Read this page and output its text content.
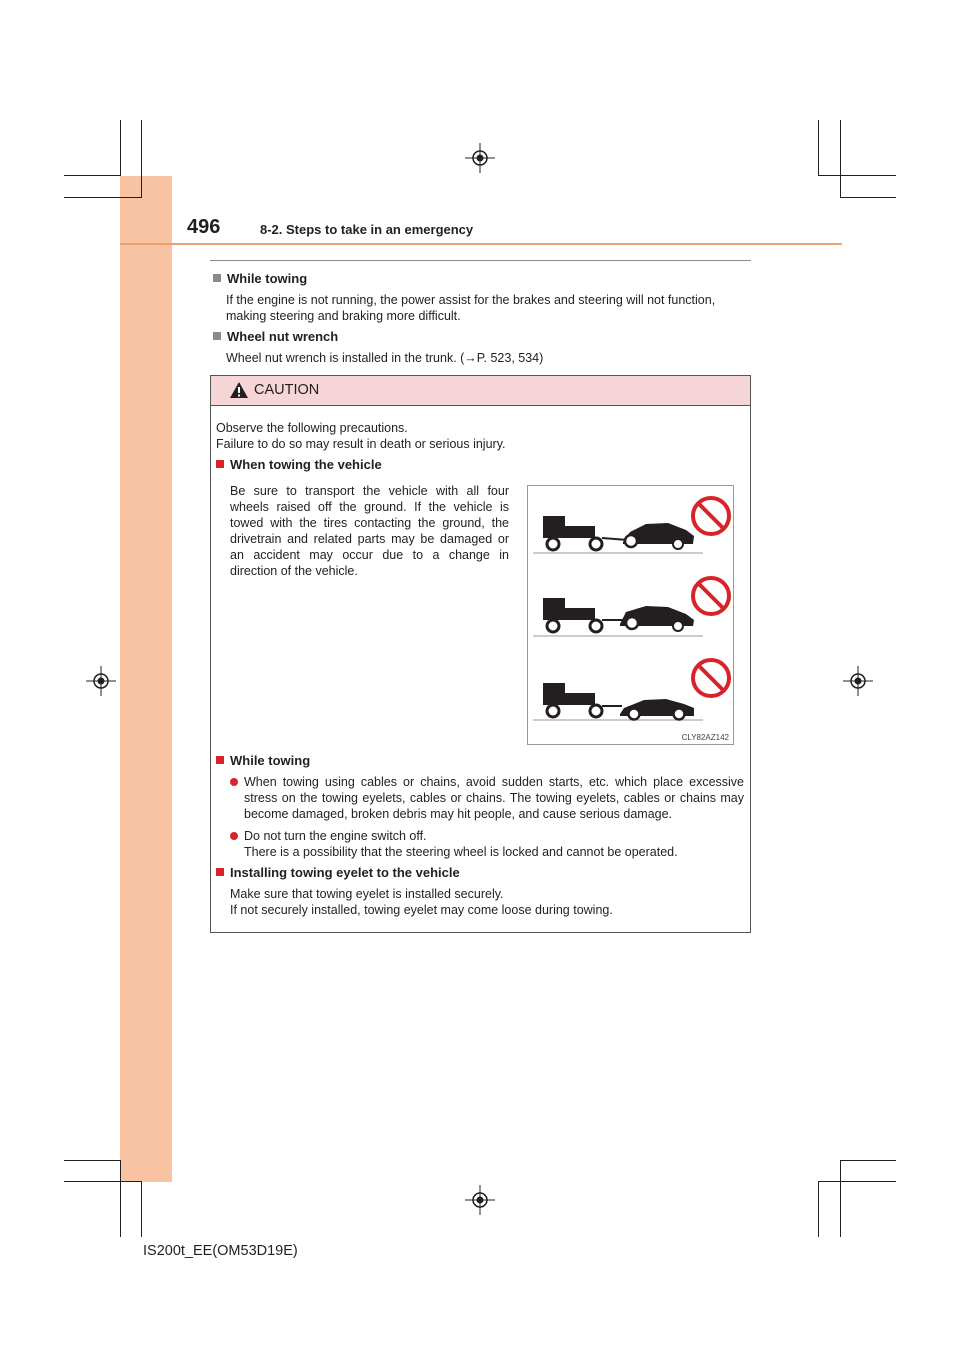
496	8-2. Steps to take in an emergency
While towing
If the engine is not running, the power assist for the brakes and steering will not function, making steering and braking more difficult.
Wheel nut wrench
Wheel nut wrench is installed in the trunk. (→P. 523, 534)
CAUTION
Observe the following precautions.
Failure to do so may result in death or serious injury.
When towing the vehicle
Be sure to transport the vehicle with all four wheels raised off the ground. If the vehicle is towed with the tires contacting the ground, the drivetrain and related parts may be damaged or an accident may occur due to a change in direction of the vehicle.
CLY82AZ142
While towing
When towing using cables or chains, avoid sudden starts, etc. which place excessive stress on the towing eyelets, cables or chains. The towing eyelets, cables or chains may become damaged, broken debris may hit people, and cause serious damage.
Do not turn the engine switch off.
There is a possibility that the steering wheel is locked and cannot be operated.
Installing towing eyelet to the vehicle
Make sure that towing eyelet is installed securely.
If not securely installed, towing eyelet may come loose during towing.
IS200t_EE(OM53D19E)
